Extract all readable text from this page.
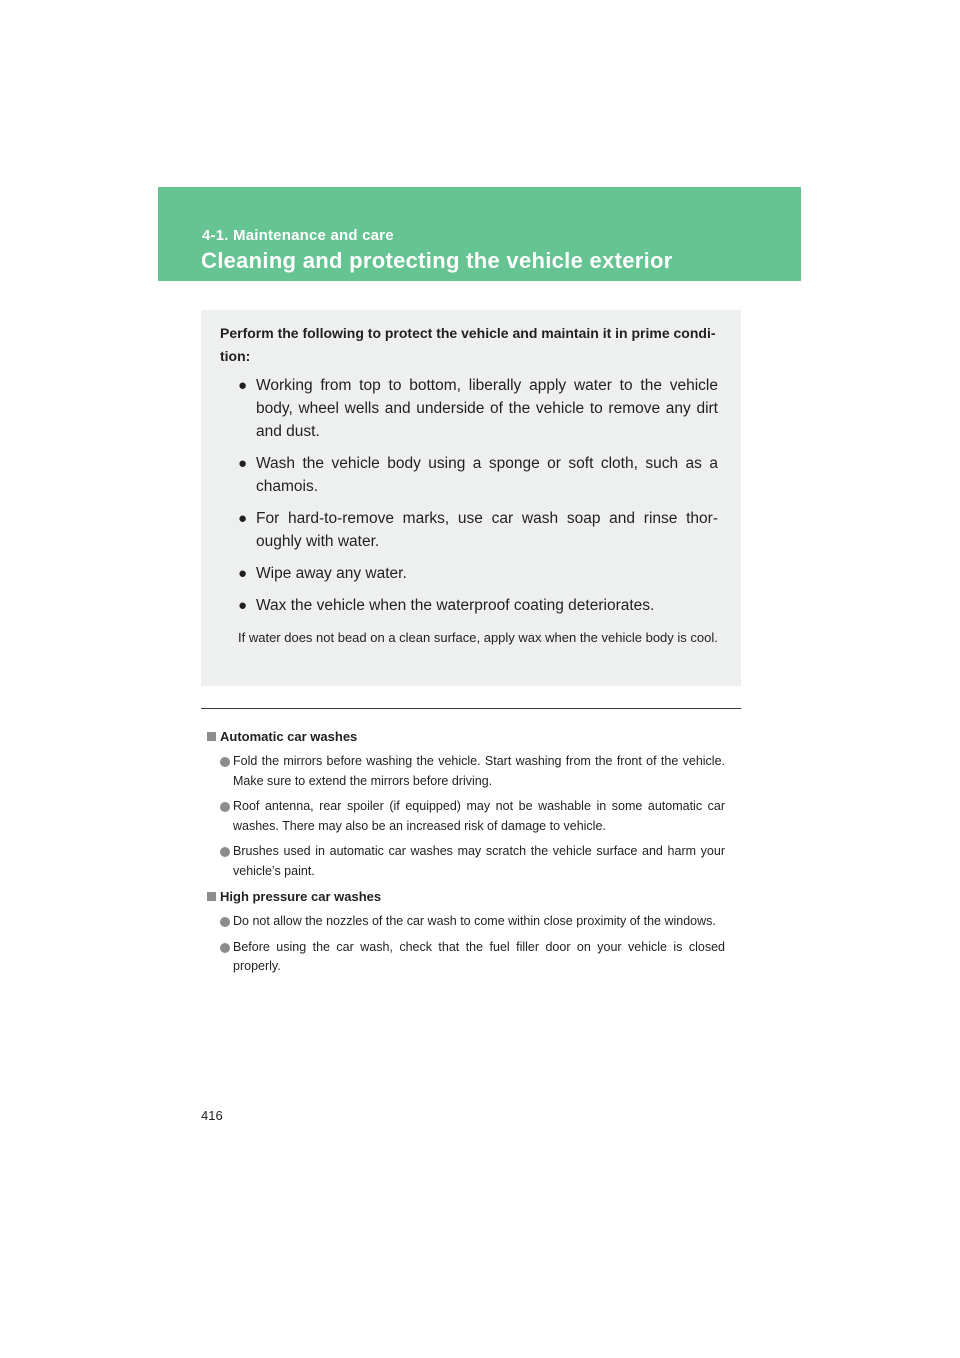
4-1. Maintenance and care
Cleaning and protecting the vehicle exterior
Perform the following to protect the vehicle and maintain it in prime condi-tion:
● Working from top to bottom, liberally apply water to the vehicle body, wheel wells and underside of the vehicle to remove any dirt and dust.
● Wash the vehicle body using a sponge or soft cloth, such as a chamois.
● For hard-to-remove marks, use car wash soap and rinse thor-oughly with water.
● Wipe away any water.
● Wax the vehicle when the waterproof coating deteriorates.
If water does not bead on a clean surface, apply wax when the vehicle body is cool.
Automatic car washes
Fold the mirrors before washing the vehicle. Start washing from the front of the vehicle. Make sure to extend the mirrors before driving.
Roof antenna, rear spoiler (if equipped) may not be washable in some automatic car washes. There may also be an increased risk of damage to vehicle.
Brushes used in automatic car washes may scratch the vehicle surface and harm your vehicle’s paint.
High pressure car washes
Do not allow the nozzles of the car wash to come within close proximity of the windows.
Before using the car wash, check that the fuel filler door on your vehicle is closed properly.
416
